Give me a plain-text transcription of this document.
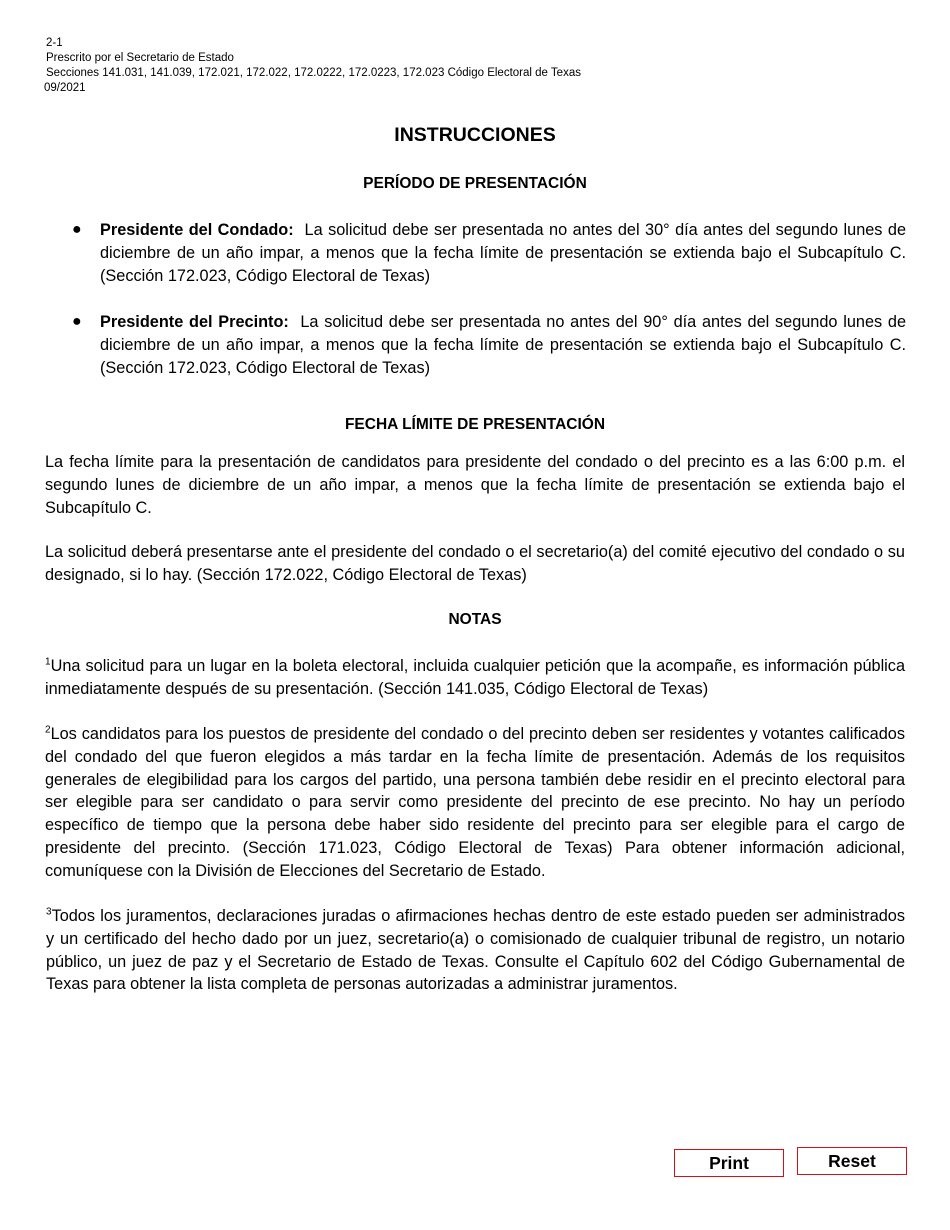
2-1
Prescrito por el Secretario de Estado
Secciones 141.031, 141.039, 172.021, 172.022, 172.0222, 172.0223, 172.023 Código Electoral de Texas
09/2021
INSTRUCCIONES
PERÍODO DE PRESENTACIÓN
● Presidente del Condado: La solicitud debe ser presentada no antes del 30° día antes del segundo lunes de diciembre de un año impar, a menos que la fecha límite de presentación se extienda bajo el Subcapítulo C. (Sección 172.023, Código Electoral de Texas)
● Presidente del Precinto: La solicitud debe ser presentada no antes del 90° día antes del segundo lunes de diciembre de un año impar, a menos que la fecha límite de presentación se extienda bajo el Subcapítulo C. (Sección 172.023, Código Electoral de Texas)
FECHA LÍMITE DE PRESENTACIÓN
La fecha límite para la presentación de candidatos para presidente del condado o del precinto es a las 6:00 p.m. el segundo lunes de diciembre de un año impar, a menos que la fecha límite de presentación se extienda bajo el Subcapítulo C.
La solicitud deberá presentarse ante el presidente del condado o el secretario(a) del comité ejecutivo del condado o su designado, si lo hay. (Sección 172.022, Código Electoral de Texas)
NOTAS
$^1$Una solicitud para un lugar en la boleta electoral, incluida cualquier petición que la acompañe, es información pública inmediatamente después de su presentación. (Sección 141.035, Código Electoral de Texas)
$^2$Los candidatos para los puestos de presidente del condado o del precinto deben ser residentes y votantes calificados del condado del que fueron elegidos a más tardar en la fecha límite de presentación. Además de los requisitos generales de elegibilidad para los cargos del partido, una persona también debe residir en el precinto electoral para ser elegible para ser candidato o para servir como presidente del precinto de ese precinto. No hay un período específico de tiempo que la persona debe haber sido residente del precinto para ser elegible para el cargo de presidente del precinto. (Sección 171.023, Código Electoral de Texas) Para obtener información adicional, comuníquese con la División de Elecciones del Secretario de Estado.
$^3$Todos los juramentos, declaraciones juradas o afirmaciones hechas dentro de este estado pueden ser administrados y un certificado del hecho dado por un juez, secretario(a) o comisionado de cualquier tribunal de registro, un notario público, un juez de paz y el Secretario de Estado de Texas. Consulte el Capítulo 602 del Código Gubernamental de Texas para obtener la lista completa de personas autorizadas a administrar juramentos.
Print	Reset
